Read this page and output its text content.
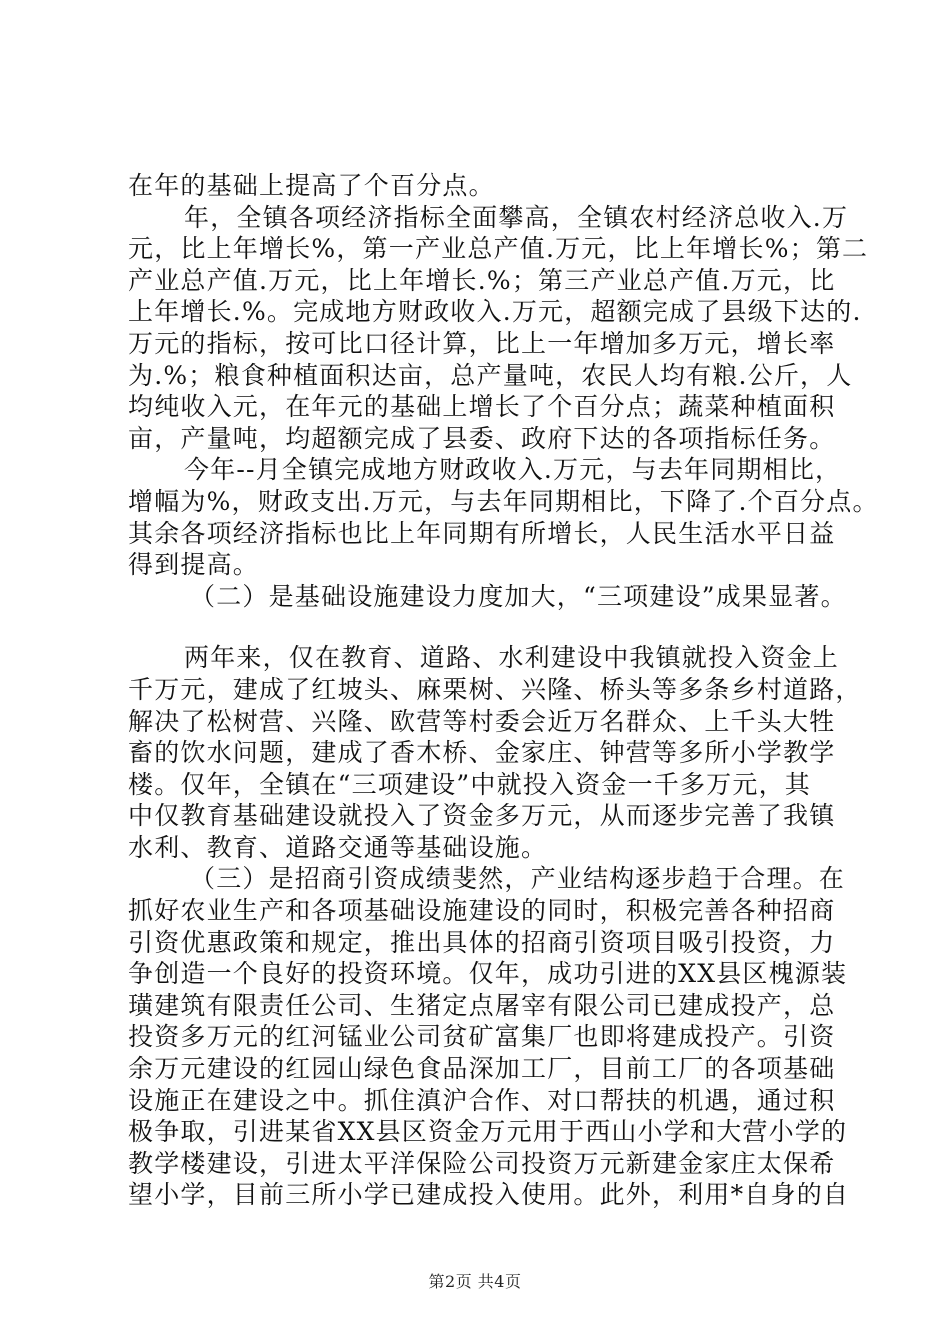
在年的基础上提高了个百分点。
年，全镇各项经济指标全面攀高，全镇农村经济总收入.万
元，比上年增长%，第一产业总产值.万元，比上年增长%；第二
产业总产值.万元，比上年增长.%；第三产业总产值.万元，比
上年增长.%。完成地方财政收入.万元，超额完成了县级下达的.
万元的指标，按可比口径计算，比上一年增加多万元，增长率
为.%；粮食种植面积达亩，总产量吨，农民人均有粮.公斤，人
均纯收入元，在年元的基础上增长了个百分点；蔬菜种植面积
亩，产量吨，均超额完成了县委、政府下达的各项指标任务。
今年--月全镇完成地方财政收入.万元，与去年同期相比，
增幅为%，财政支出.万元，与去年同期相比，下降了.个百分点。
其余各项经济指标也比上年同期有所增长，人民生活水平日益
得到提高。
（二）是基础设施建设力度加大，“三项建设”成果显著。
两年来，仅在教育、道路、水利建设中我镇就投入资金上
千万元，建成了红坡头、麻栗树、兴隆、桥头等多条乡村道路，
解决了松树营、兴隆、欧营等村委会近万名群众、上千头大牲
畜的饮水问题，建成了香木桥、金家庄、钟营等多所小学教学
楼。仅年，全镇在“三项建设”中就投入资金一千多万元，其
中仅教育基础建设就投入了资金多万元，从而逐步完善了我镇
水利、教育、道路交通等基础设施。
（三）是招商引资成绩斐然，产业结构逐步趋于合理。在
抓好农业生产和各项基础设施建设的同时，积极完善各种招商
引资优惠政策和规定，推出具体的招商引资项目吸引投资，力
争创造一个良好的投资环境。仅年，成功引进的XX县区槐源装
璜建筑有限责任公司、生猪定点屠宰有限公司已建成投产，总
投资多万元的红河锰业公司贫矿富集厂也即将建成投产。引资
余万元建设的红园山绿色食品深加工厂，目前工厂的各项基础
设施正在建设之中。抓住滇沪合作、对口帮扶的机遇，通过积
极争取，引进某省XX县区资金万元用于西山小学和大营小学的
教学楼建设，引进太平洋保险公司投资万元新建金家庄太保希
望小学，目前三所小学已建成投入使用。此外，利用*自身的自
第2页 共4页
